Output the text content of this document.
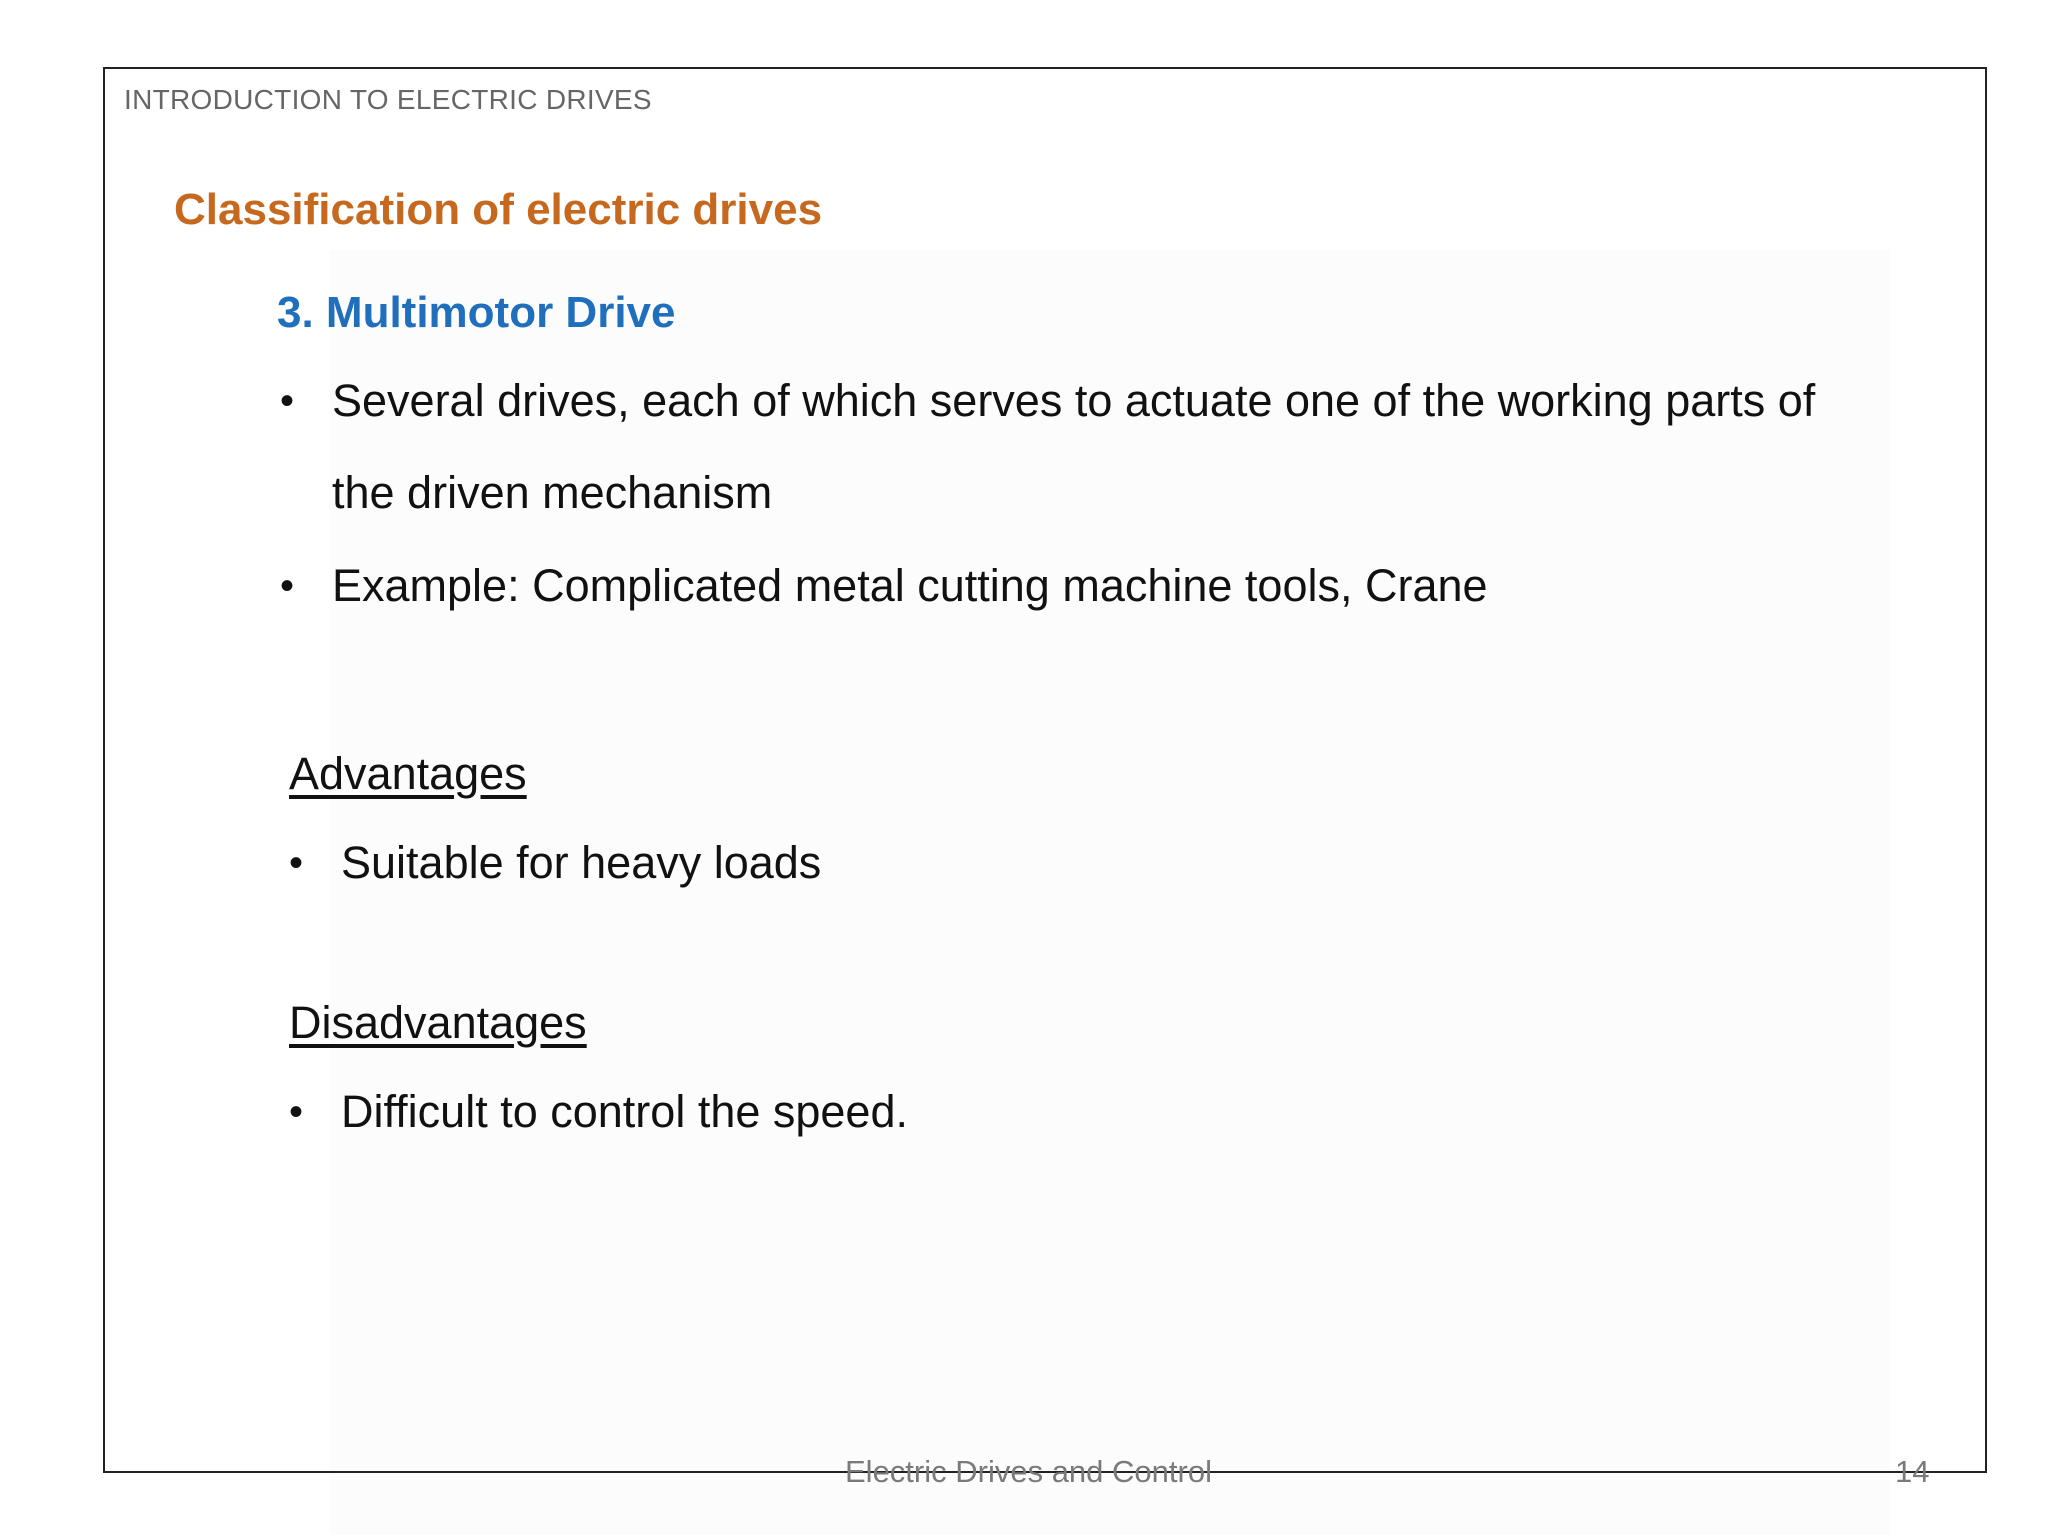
INTRODUCTION TO ELECTRIC DRIVES
Classification of electric drives
3. Multimotor Drive
• Several drives, each of which serves to actuate one of the working parts of the driven mechanism
• Example: Complicated metal cutting machine tools, Crane
Advantages
• Suitable for heavy loads
Disadvantages
• Difficult to control the speed.
Electric Drives and Control	14
